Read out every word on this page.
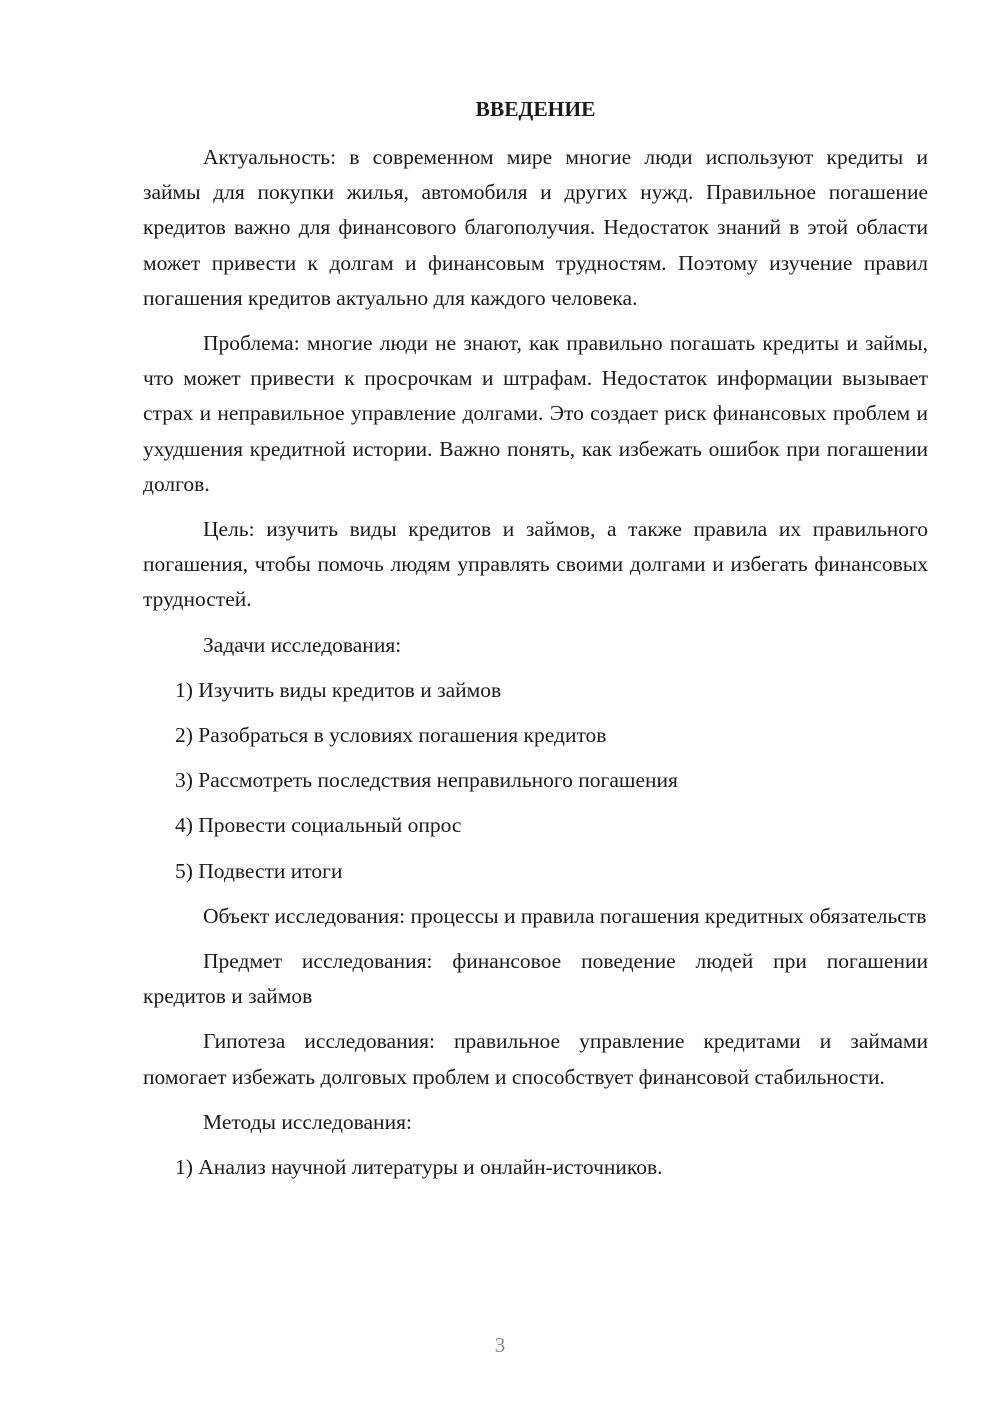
ВВЕДЕНИЕ
Актуальность: в современном мире многие люди используют кредиты и займы для покупки жилья, автомобиля и других нужд. Правильное погашение кредитов важно для финансового благополучия. Недостаток знаний в этой области может привести к долгам и финансовым трудностям. Поэтому изучение правил погашения кредитов актуально для каждого человека.
Проблема: многие люди не знают, как правильно погашать кредиты и займы, что может привести к просрочкам и штрафам. Недостаток информации вызывает страх и неправильное управление долгами. Это создает риск финансовых проблем и ухудшения кредитной истории. Важно понять, как избежать ошибок при погашении долгов.
Цель: изучить виды кредитов и займов, а также правила их правильного погашения, чтобы помочь людям управлять своими долгами и избегать финансовых трудностей.
Задачи исследования:
1) Изучить виды кредитов и займов
2) Разобраться в условиях погашения кредитов
3) Рассмотреть последствия неправильного погашения
4) Провести социальный опрос
5) Подвести итоги
Объект исследования: процессы и правила погашения кредитных обязательств
Предмет исследования: финансовое поведение людей при погашении кредитов и займов
Гипотеза исследования: правильное управление кредитами и займами помогает избежать долговых проблем и способствует финансовой стабильности.
Методы исследования:
1) Анализ научной литературы и онлайн-источников.
3
